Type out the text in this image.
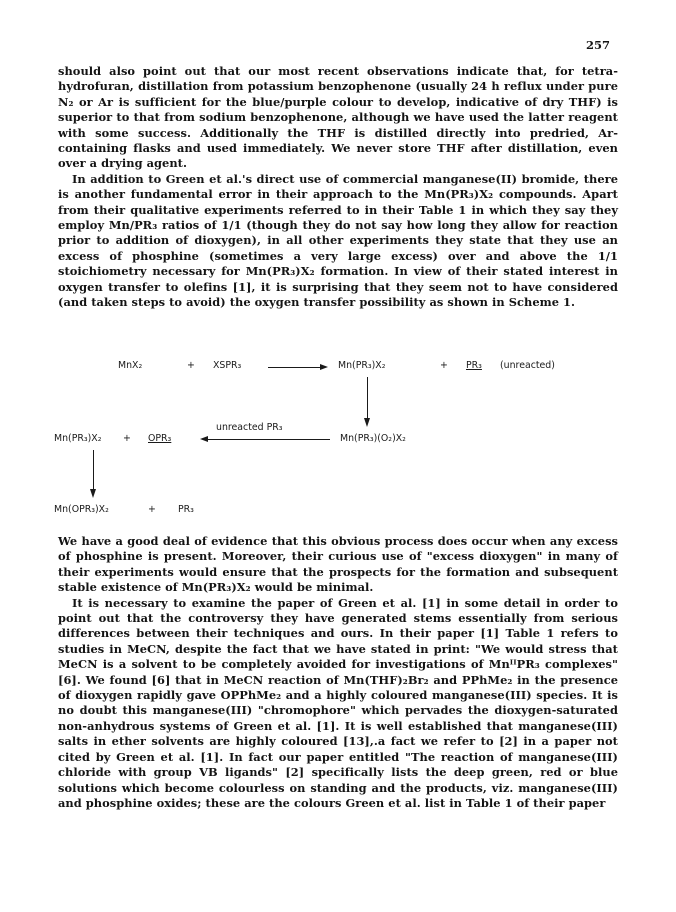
257

should also point out that our most recent observations indicate that, for tetra-hydrofuran, distillation from potassium benzophenone (usually 24 h reflux under pure N₂ or Ar is sufficient for the blue/purple colour to develop, indicative of dry THF) is superior to that from sodium benzophenone, although we have used the latter reagent with some success. Additionally the THF is distilled directly into predried, Ar-containing flasks and used immediately. We never store THF after distillation, even over a drying agent.

In addition to Green et al.'s direct use of commercial manganese(II) bromide, there is another fundamental error in their approach to the Mn(PR₃)X₂ compounds. Apart from their qualitative experiments referred to in their Table 1 in which they say they employ Mn/PR₃ ratios of 1/1 (though they do not say how long they allow for reaction prior to addition of dioxygen), in all other experiments they state that they use an excess of phosphine (sometimes a very large excess) over and above the 1/1 stoichiometry necessary for Mn(PR₃)X₂ formation. In view of their stated interest in oxygen transfer to olefins [1], it is surprising that they seem not to have considered (and taken steps to avoid) the oxygen transfer possibility as shown in Scheme 1.

MnX₂	+ XSPR₃	Mn(PR₃)X₂	+ PR₃ (unreacted)
Mn(PR₃)X₂ + OPR₃
unreacted PR₃
Mn(PR₃)(O₂)X₂
Mn(OPR₃)X₂	+ PR₃

We have a good deal of evidence that this obvious process does occur when any excess of phosphine is present. Moreover, their curious use of "excess dioxygen" in many of their experiments would ensure that the prospects for the formation and subsequent stable existence of Mn(PR₃)X₂ would be minimal.

It is necessary to examine the paper of Green et al. [1] in some detail in order to point out that the controversy they have generated stems essentially from serious differences between their techniques and ours. In their paper [1] Table 1 refers to studies in MeCN, despite the fact that we have stated in print: "We would stress that MeCN is a solvent to be completely avoided for investigations of MnᴵᴵPR₃ complexes" [6]. We found [6] that in MeCN reaction of Mn(THF)₂Br₂ and PPhMe₂ in the presence of dioxygen rapidly gave OPPhMe₂ and a highly coloured manganese(III) species. It is no doubt this manganese(III) "chromophore" which pervades the dioxygen-saturated non-anhydrous systems of Green et al. [1]. It is well established that manganese(III) salts in ether solvents are highly coloured [13],.a fact we refer to [2] in a paper not cited by Green et al. [1]. In fact our paper entitled "The reaction of manganese(III) chloride with group VB ligands" [2] specifically lists the deep green, red or blue solutions which become colourless on standing and the products, viz. manganese(III) and phosphine oxides; these are the colours Green et al. list in Table 1 of their paper
